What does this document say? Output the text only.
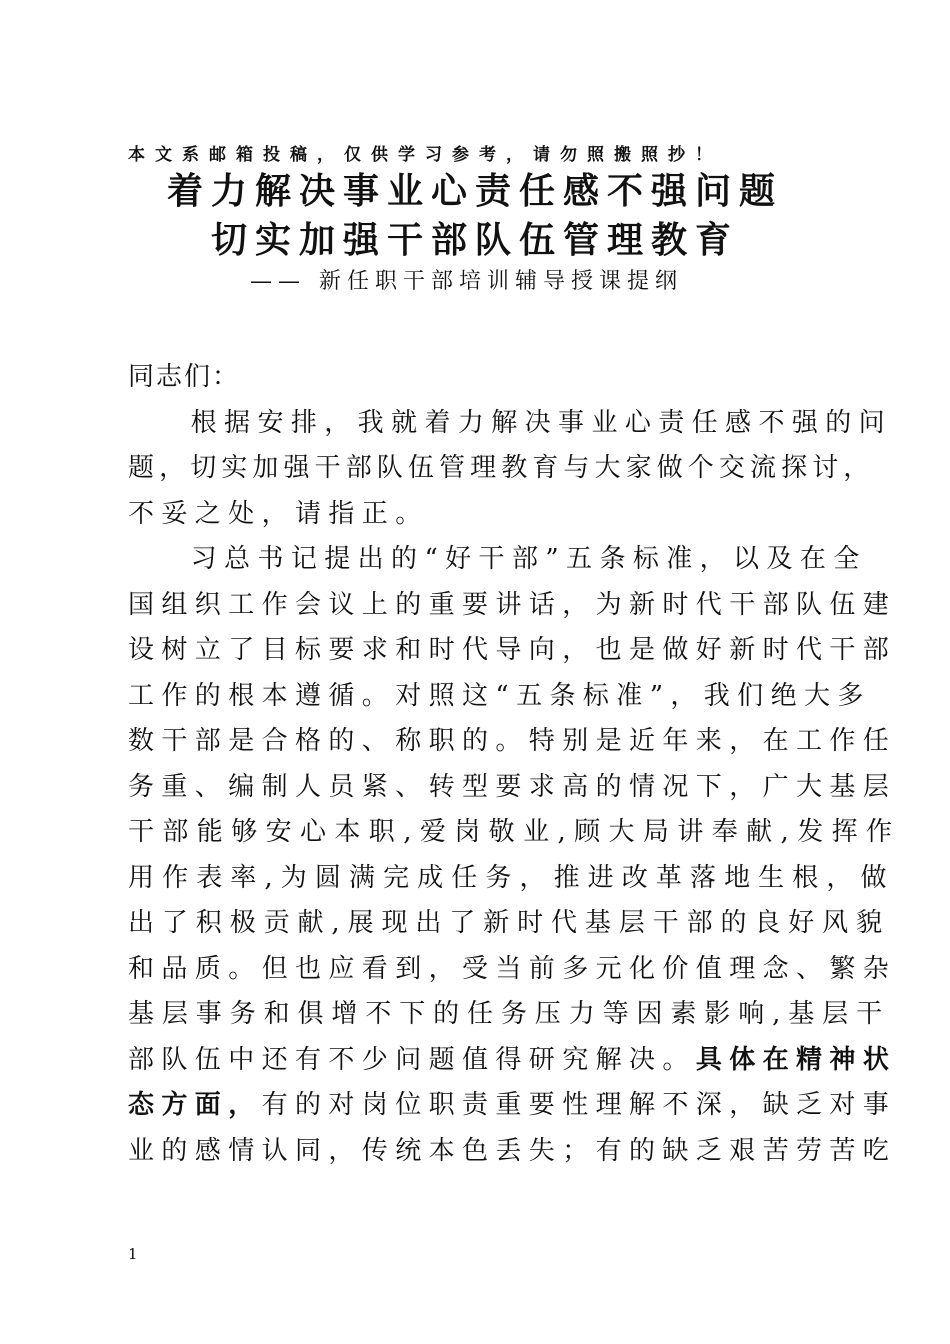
本文系邮箱投稿，仅供学习参考，请勿照搬照抄！
着力解决事业心责任感不强问题
切实加强干部队伍管理教育
—— 新任职干部培训辅导授课提纲
同志们：
根据安排，我就着力解决事业心责任感不强的问
题，切实加强干部队伍管理教育与大家做个交流探讨，
不妥之处，请指正。
习总书记提出的“好干部”五条标准，以及在全
国组织工作会议上的重要讲话，为新时代干部队伍建
设树立了目标要求和时代导向，也是做好新时代干部
工作的根本遵循。对照这“五条标准”，我们绝大多
数干部是合格的、称职的。特别是近年来，在工作任
务重、编制人员紧、转型要求高的情况下，广大基层
干部能够安心本职,爱岗敬业,顾大局讲奉献,发挥作
用作表率,为圆满完成任务，推进改革落地生根，做
出了积极贡献,展现出了新时代基层干部的良好风貌
和品质。但也应看到，受当前多元化价值理念、繁杂
基层事务和俱增不下的任务压力等因素影响,基层干
部队伍中还有不少问题值得研究解决。具体在精神状
态方面，有的对岗位职责重要性理解不深，缺乏对事
业的感情认同，传统本色丢失；有的缺乏艰苦劳苦吃
1
